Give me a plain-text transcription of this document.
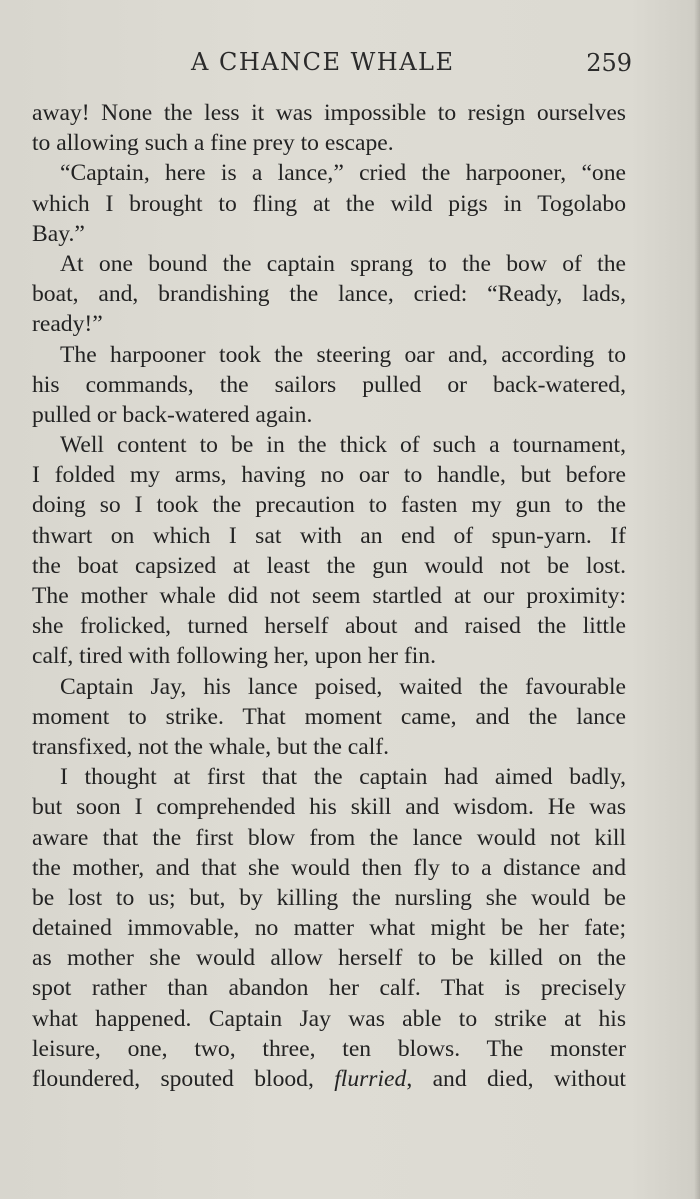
A CHANCE WHALE	259
away! None the less it was impossible to resign ourselves
to allowing such a fine prey to escape.
“Captain, here is a lance,” cried the harpooner, “one
which I brought to fling at the wild pigs in Togolabo
Bay.”
At one bound the captain sprang to the bow of the
boat, and, brandishing the lance, cried: “Ready, lads,
ready!”
The harpooner took the steering oar and, according to
his commands, the sailors pulled or back-watered,
pulled or back-watered again.
Well content to be in the thick of such a tournament,
I folded my arms, having no oar to handle, but before
doing so I took the precaution to fasten my gun to the
thwart on which I sat with an end of spun-yarn. If
the boat capsized at least the gun would not be lost.
The mother whale did not seem startled at our proximity:
she frolicked, turned herself about and raised the little
calf, tired with following her, upon her fin.
Captain Jay, his lance poised, waited the favourable
moment to strike. That moment came, and the lance
transfixed, not the whale, but the calf.
I thought at first that the captain had aimed badly,
but soon I comprehended his skill and wisdom. He was
aware that the first blow from the lance would not kill
the mother, and that she would then fly to a distance and
be lost to us; but, by killing the nursling she would be
detained immovable, no matter what might be her fate;
as mother she would allow herself to be killed on the
spot rather than abandon her calf. That is precisely
what happened. Captain Jay was able to strike at his
leisure, one, two, three, ten blows. The monster
floundered, spouted blood, flurried, and died, without
